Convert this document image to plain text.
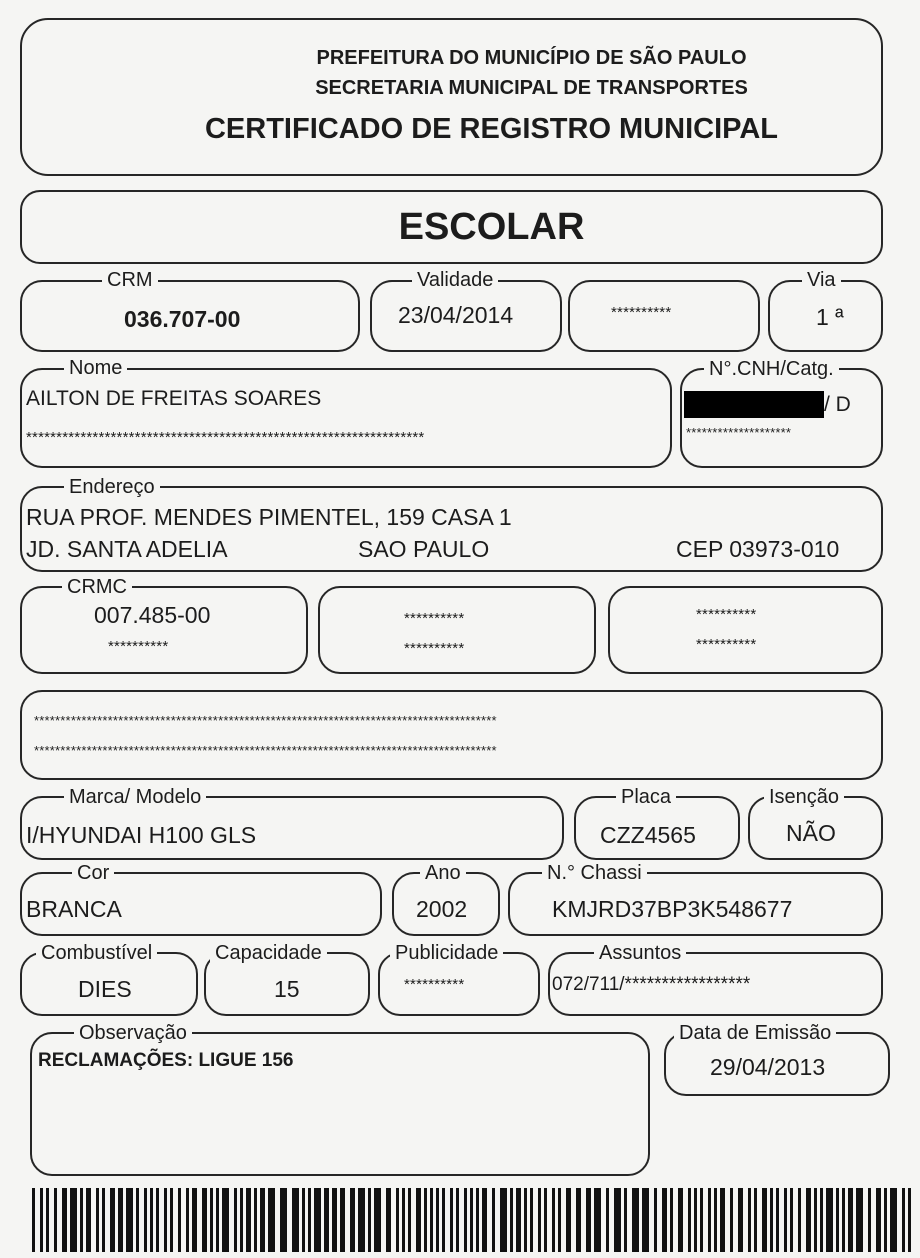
PREFEITURA DO MUNICÍPIO DE SÃO PAULO
SECRETARIA MUNICIPAL DE TRANSPORTES
CERTIFICADO DE REGISTRO MUNICIPAL
ESCOLAR
CRM
036.707-00
Validade
23/04/2014	**********
Via
1 ª
Nome
AILTON DE FREITAS SOARES
******************************************************************
N°.CNH/Catg.
/ D
********************
Endereço
RUA PROF. MENDES PIMENTEL, 159 CASA 1
JD. SANTA ADELIA	SAO PAULO	CEP 03973-010
CRMC
007.485-00
**********
**********
**********
**********
**********
****************************************************************************************
****************************************************************************************
Marca/ Modelo
I/HYUNDAI H100 GLS
Placa
CZZ4565
Isenção
NÃO
Cor
BRANCA
Ano
2002
N.° Chassi
KMJRD37BP3K548677
Combustível
DIES
Capacidade
15
Publicidade
**********
Assuntos
072/711/*****************
Observação
RECLAMAÇÕES: LIGUE 156
Data de Emissão
29/04/2013
